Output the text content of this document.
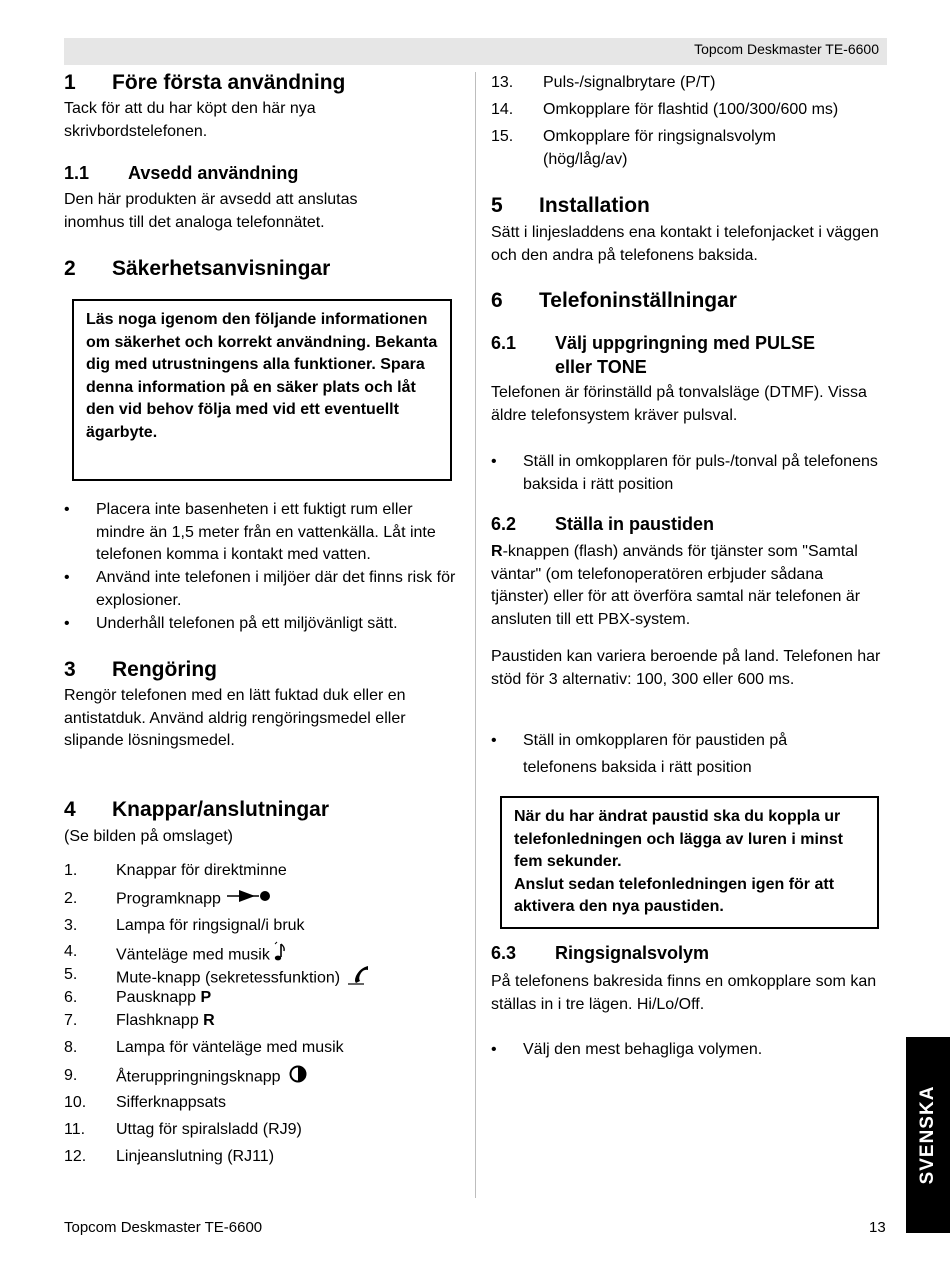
Topcom Deskmaster TE-6600
1 Före första användning
Tack för att du har köpt den här nya skrivbordstelefonen.
1.1 Avsedd användning
Den här produkten är avsedd att anslutas inomhus till det analoga telefonnätet.
2 Säkerhetsanvisningar
Läs noga igenom den följande informationen om säkerhet och korrekt användning. Bekanta dig med utrustningens alla funktioner. Spara denna information på en säker plats och låt den vid behov följa med vid ett eventuellt ägarbyte.
• Placera inte basenheten i ett fuktigt rum eller mindre än 1,5 meter från en vattenkälla. Låt inte telefonen komma i kontakt med vatten.
• Använd inte telefonen i miljöer där det finns risk för explosioner.
• Underhåll telefonen på ett miljövänligt sätt.
3 Rengöring
Rengör telefonen med en lätt fuktad duk eller en antistatduk. Använd aldrig rengöringsmedel eller slipande lösningsmedel.
4 Knappar/anslutningar
(Se bilden på omslaget)
1. Knappar för direktminne
2. Programknapp
3. Lampa för ringsignal/i bruk
4. Vänteläge med musik
5. Mute-knapp (sekretessfunktion)
6. Pausknapp P
7. Flashknapp R
8. Lampa för vänteläge med musik
9. Återuppringningsknapp
10. Sifferknappsats
11. Uttag för spiralsladd (RJ9)
12. Linjeanslutning (RJ11)
13. Puls-/signalbrytare (P/T)
14. Omkopplare för flashtid (100/300/600 ms)
15. Omkopplare för ringsignalsvolym
(hög/låg/av)
5 Installation
Sätt i linjesladdens ena kontakt i telefonjacket i väggen och den andra på telefonens baksida.
6 Telefoninställningar
6.1 Välj uppgringning med PULSE
eller TONE
Telefonen är förinställd på tonvalsläge (DTMF). Vissa äldre telefonsystem kräver pulsval.
• Ställ in omkopplaren för puls-/tonval på telefonens baksida i rätt position
6.2 Ställa in paustiden
R-knappen (flash) används för tjänster som "Samtal väntar" (om telefonoperatören erbjuder sådana tjänster) eller för att överföra samtal när telefonen är ansluten till ett PBX-system.
Paustiden kan variera beroende på land. Telefonen har stöd för 3 alternativ: 100, 300 eller 600 ms.
• Ställ in omkopplaren för paustiden på
telefonens baksida i rätt position
När du har ändrat paustid ska du koppla ur telefonledningen och lägga av luren i minst fem sekunder.
Anslut sedan telefonledningen igen för att aktivera den nya paustiden.
6.3 Ringsignalsvolym
På telefonens bakresida finns en omkopplare som kan ställas in i tre lägen. Hi/Lo/Off.
• Välj den mest behagliga volymen.
SVENSKA
Topcom Deskmaster TE-6600	13
